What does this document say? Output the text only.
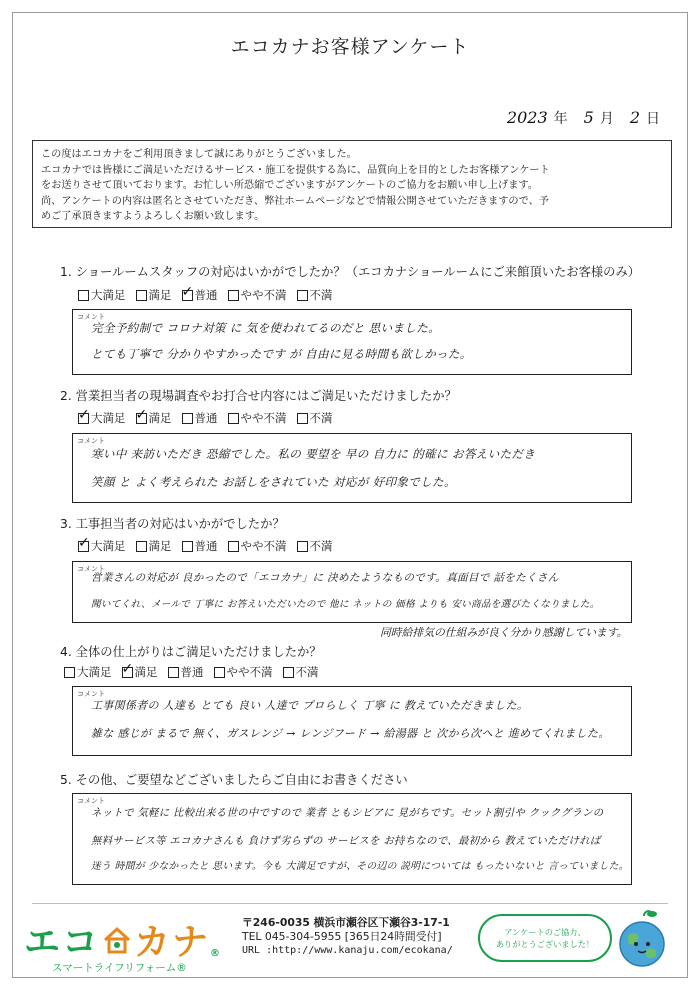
エコカナお客様アンケート
2023 年 5 月 2 日

この度はエコカナをご利用頂きまして誠にありがとうございました。

エコカナでは皆様にご満足いただけるサービス・施工を提供する為に、品質向上を目的としたお客様アンケート

をお送りさせて頂いております。お忙しい所恐縮でございますがアンケートのご協力をお願い申し上げます。

尚、アンケートの内容は匿名とさせていただき、弊社ホームページなどで情報公開させていただきますので、予

めご了承頂きますようよろしくお願い致します。

1. ショールームスタッフの対応はいかがでしたか？（エコカナショールームにご来館頂いたお客様のみ）
大満足 満足 ✓ 普通 やや不満 不満
コメント
完全予約制で コロナ対策 に 気を使われてるのだと 思いました。
とても丁寧で 分かりやすかったです が 自由に見る時間も欲しかった。
2. 営業担当者の現場調査やお打合せ内容にはご満足いただけましたか？
✓
大満足 ✓ 満足 普通 やや不満 不満
コメント
寒い中 来訪いただき 恐縮でした。私の 要望を 早の 自力に 的確に お答えいただき
笑顔 と よく考えられた お話しをされていた 対応が 好印象でした。
3. 工事担当者の対応はいかがでしたか？
✓
大満足 満足 普通 やや不満 不満
コメント
営業さんの対応が 良かったので「エコカナ」に 決めたようなものです。真面目で 話をたくさん
聞いてくれ、メールで 丁寧に お答えいただいたので 他に ネットの 価格 よりも 安い商品を選びたくなりました。
同時給排気の仕組みが良く分かり感謝しています。
4. 全体の仕上がりはご満足いただけましたか？
大満足 ✓ 満足 普通 やや不満 不満
コメント
工事関係者の 人達も とても 良い 人達で プロらしく 丁寧 に 教えていただきました。
雑な 感じが まるで 無く、ガスレンジ → レンジフード → 給湯器 と 次から次へと 進めてくれました。
5. その他、ご要望などございましたらご自由にお書きください
コメント
ネットで 気軽に 比較出来る世の中ですので 業者 ともシビアに 見がちです。セット割引や クックグランの
無料サービス等 エコカナさんも 負けず劣らずの サービスを お持ちなので、最初から 教えていただければ
迷う 時間が 少なかったと 思います。今も 大満足ですが、その辺の 説明については もったいないと 言っていました。
エコ カナ ®
スマートライフリフォーム®
〒246-0035 横浜市瀬谷区下瀬谷3-17-1
TEL 045-304-5955 [365日24時間受付]
URL :http://www.kanaju.com/ecokana/
アンケートのご協力、
ありがとうございました！
